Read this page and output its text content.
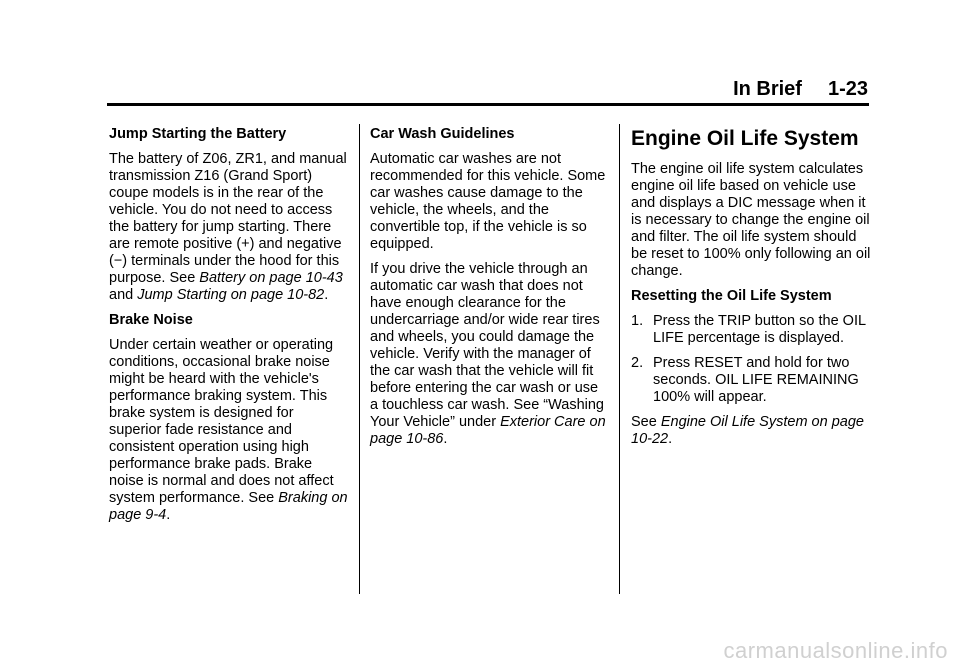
In Brief 1-23
Jump Starting the Battery

The battery of Z06, ZR1, and manual transmission Z16 (Grand Sport) coupe models is in the rear of the vehicle. You do not need to access the battery for jump starting. There are remote positive (+) and negative (−) terminals under the hood for this purpose. See Battery on page 10-43 and Jump Starting on page 10-82.

Brake Noise

Under certain weather or operating conditions, occasional brake noise might be heard with the vehicle's performance braking system. This brake system is designed for superior fade resistance and consistent operation using high performance brake pads. Brake noise is normal and does not affect system performance. See Braking on page 9-4.

Car Wash Guidelines

Automatic car washes are not recommended for this vehicle. Some car washes cause damage to the vehicle, the wheels, and the convertible top, if the vehicle is so equipped.

If you drive the vehicle through an automatic car wash that does not have enough clearance for the undercarriage and/or wide rear tires and wheels, you could damage the vehicle. Verify with the manager of the car wash that the vehicle will fit before entering the car wash or use a touchless car wash. See “Washing Your Vehicle” under Exterior Care on page 10-86.

Engine Oil Life System

The engine oil life system calculates engine oil life based on vehicle use and displays a DIC message when it is necessary to change the engine oil and filter. The oil life system should be reset to 100% only following an oil change.

Resetting the Oil Life System
1. Press the TRIP button so the OIL LIFE percentage is displayed.
2. Press RESET and hold for two seconds. OIL LIFE REMAINING 100% will appear.

See Engine Oil Life System on page 10-22.

carmanualsonline.info
